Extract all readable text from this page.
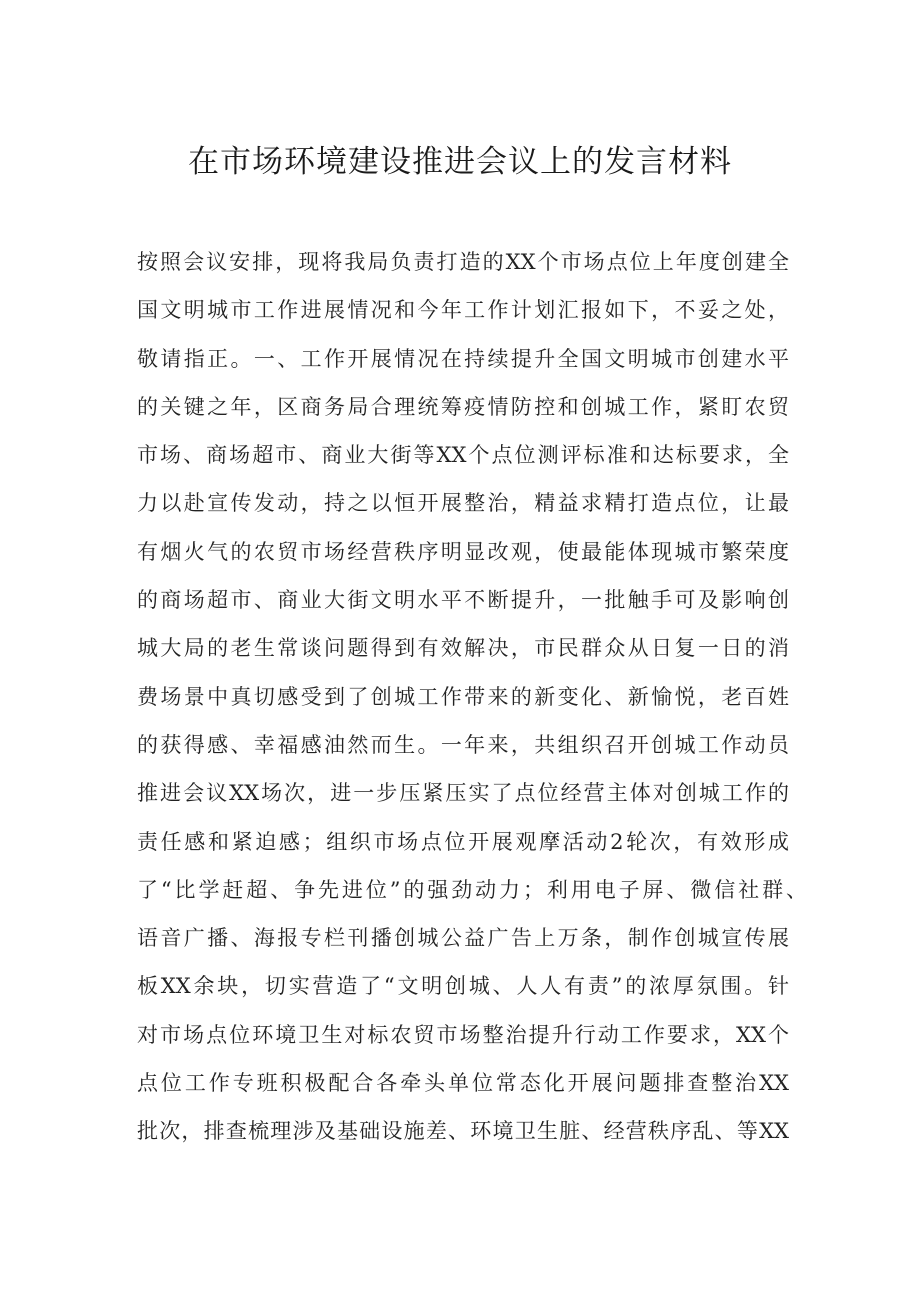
在市场环境建设推进会议上的发言材料
按照会议安排，现将我局负责打造的XX个市场点位上年度创建全
国文明城市工作进展情况和今年工作计划汇报如下，不妥之处，
敬请指正。一、工作开展情况在持续提升全国文明城市创建水平
的关键之年，区商务局合理统筹疫情防控和创城工作，紧盯农贸
市场、商场超市、商业大街等XX个点位测评标准和达标要求，全
力以赴宣传发动，持之以恒开展整治，精益求精打造点位，让最
有烟火气的农贸市场经营秩序明显改观，使最能体现城市繁荣度
的商场超市、商业大街文明水平不断提升，一批触手可及影响创
城大局的老生常谈问题得到有效解决，市民群众从日复一日的消
费场景中真切感受到了创城工作带来的新变化、新愉悦，老百姓
的获得感、幸福感油然而生。一年来，共组织召开创城工作动员
推进会议XX场次，进一步压紧压实了点位经营主体对创城工作的
责任感和紧迫感；组织市场点位开展观摩活动2轮次，有效形成
了“比学赶超、争先进位”的强劲动力；利用电子屏、微信社群、
语音广播、海报专栏刊播创城公益广告上万条，制作创城宣传展
板XX余块，切实营造了“文明创城、人人有责”的浓厚氛围。针
对市场点位环境卫生对标农贸市场整治提升行动工作要求，XX个
点位工作专班积极配合各牵头单位常态化开展问题排查整治XX
批次，排查梳理涉及基础设施差、环境卫生脏、经营秩序乱、等XX
